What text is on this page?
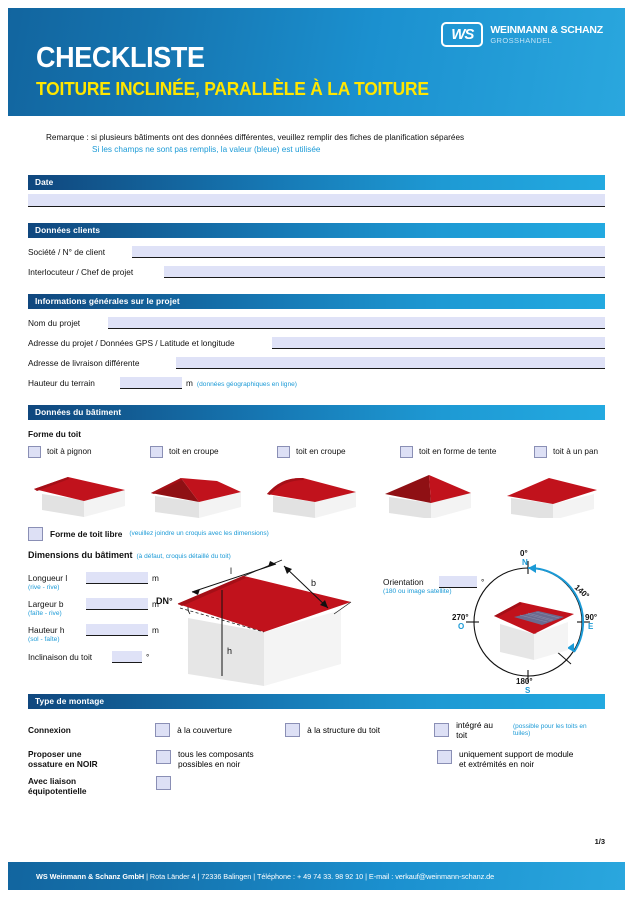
CHECKLISTE
TOITURE INCLINÉE, PARALLÈLE À LA TOITURE
WS WEINMANN & SCHANZ
GROSSHANDEL
Remarque : si plusieurs bâtiments ont des données différentes, veuillez remplir des fiches de planification séparées
Si les champs ne sont pas remplis, la valeur (bleue) est utilisée
Date
Données clients
Société / N° de client
Interlocuteur / Chef de projet
Informations générales sur le projet
Nom du projet
Adresse du projet / Données GPS / Latitude et longitude
Adresse de livraison différente
Hauteur du terrain	m (données géographiques en ligne)
Données du bâtiment
Forme du toit
toit à pignon	toit en croupe	toit en croupe	toit en forme de tente	toit à un pan
Forme de toit libre (veuillez joindre un croquis avec les dimensions)
Dimensions du bâtiment (à défaut, croquis détaillé du toit)
Longueur l	m
(rive - rive)
Largeur b	m
(faîte - rive)
Hauteur h	m
(sol - faîte)
Inclinaison du toit	°
l
b
h
DN°
Orientation	°
(180 ou image satellite)	140°
0°
N
90°
E
180°
S
270°
O
Type de montage
Connexion	à la couverture	à la structure du toit	intégré au toit
(possible pour les toits en tuiles)
Proposer une
ossature en NOIR
tous les composants
possibles en noir
uniquement support de module
et extrémités en noir
Avec liaison
équipotentielle
1/3
WS Weinmann & Schanz GmbH | Rota Länder 4 | 72336 Balingen | Téléphone : + 49 74 33. 98 92 10 | E-mail : verkauf@weinmann-schanz.de
